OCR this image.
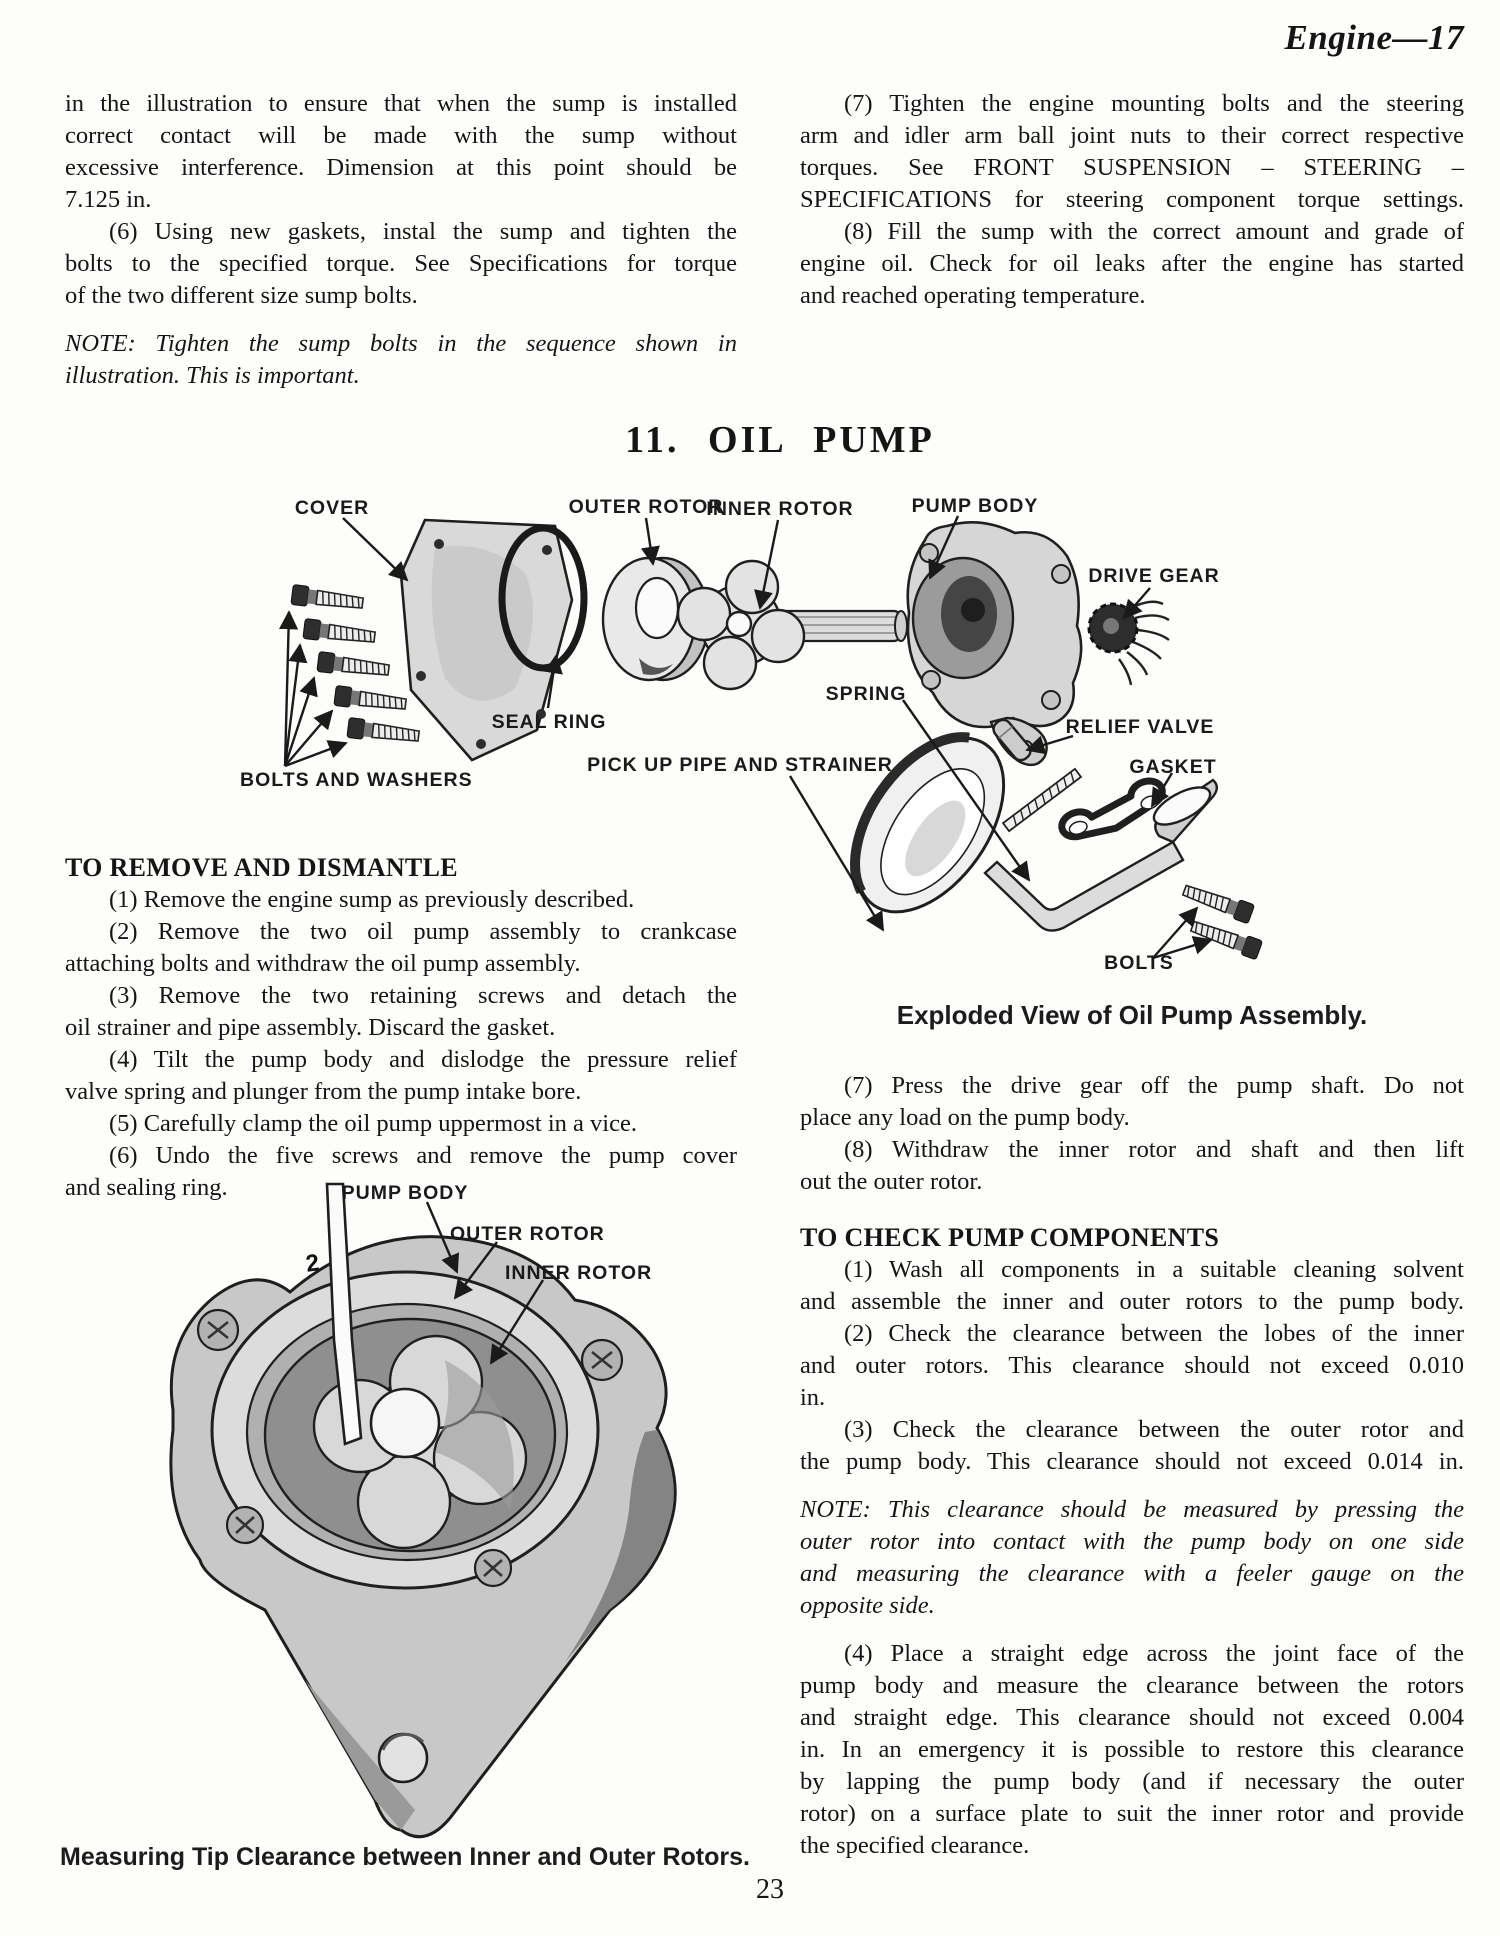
Engine—17
in the illustration to ensure that when the sump is installed
correct contact will be made with the sump without
excessive interference. Dimension at this point should be
7.125 in.
(6) Using new gaskets, instal the sump and tighten the
bolts to the specified torque. See Specifications for torque
of the two different size sump bolts.
NOTE: Tighten the sump bolts in the sequence shown in
illustration. This is important.
(7) Tighten the engine mounting bolts and the steering
arm and idler arm ball joint nuts to their correct respective
torques. See FRONT SUSPENSION – STEERING –
SPECIFICATIONS for steering component torque settings.
(8) Fill the sump with the correct amount and grade of
engine oil. Check for oil leaks after the engine has started
and reached operating temperature.
11. OIL PUMP
COVER	OUTER ROTOR
INNER ROTOR	PUMP BODY
DRIVE GEAR
SEAL RING
BOLTS AND WASHERS
SPRING
RELIEF VALVE
PICK UP PIPE AND STRAINER	GASKET
BOLTS
Exploded View of Oil Pump Assembly.
TO REMOVE AND DISMANTLE
(1) Remove the engine sump as previously described.
(2) Remove the two oil pump assembly to crankcase
attaching bolts and withdraw the oil pump assembly.
(3) Remove the two retaining screws and detach the
oil strainer and pipe assembly. Discard the gasket.
(4) Tilt the pump body and dislodge the pressure relief
valve spring and plunger from the pump intake bore.
(5) Carefully clamp the oil pump uppermost in a vice.
(6) Undo the five screws and remove the pump cover
and sealing ring.
(7) Press the drive gear off the pump shaft. Do not
place any load on the pump body.
(8) Withdraw the inner rotor and shaft and then lift
out the outer rotor.
TO CHECK PUMP COMPONENTS
(1) Wash all components in a suitable cleaning solvent
and assemble the inner and outer rotors to the pump body.
(2) Check the clearance between the lobes of the inner
and outer rotors. This clearance should not exceed 0.010
in.
(3) Check the clearance between the outer rotor and
the pump body. This clearance should not exceed 0.014 in.
NOTE: This clearance should be measured by pressing the
outer rotor into contact with the pump body on one side
and measuring the clearance with a feeler gauge on the
opposite side.
(4) Place a straight edge across the joint face of the
pump body and measure the clearance between the rotors
and straight edge. This clearance should not exceed 0.004
in. In an emergency it is possible to restore this clearance
by lapping the pump body (and if necessary the outer
rotor) on a surface plate to suit the inner rotor and provide
the specified clearance.
PUMP BODY
OUTER ROTOR
INNER ROTOR
2
Measuring Tip Clearance between Inner and Outer Rotors.
23
